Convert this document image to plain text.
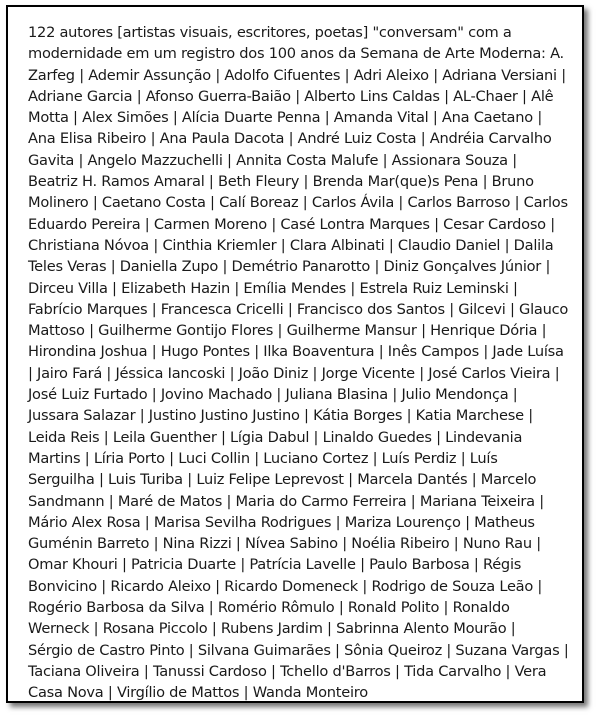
122 autores [artistas visuais, escritores, poetas] "conversam" com a
modernidade em um registro dos 100 anos da Semana de Arte Moderna: A.
Zarfeg | Ademir Assunção | Adolfo Cifuentes | Adri Aleixo | Adriana Versiani |
Adriane Garcia | Afonso Guerra-Baião | Alberto Lins Caldas | AL-Chaer | Alê
Motta | Alex Simões | Alícia Duarte Penna | Amanda Vital | Ana Caetano |
Ana Elisa Ribeiro | Ana Paula Dacota | André Luiz Costa | Andréia Carvalho
Gavita | Angelo Mazzuchelli | Annita Costa Malufe | Assionara Souza |
Beatriz H. Ramos Amaral | Beth Fleury | Brenda Mar(que)s Pena | Bruno
Molinero | Caetano Costa | Calí Boreaz | Carlos Ávila | Carlos Barroso | Carlos
Eduardo Pereira | Carmen Moreno | Casé Lontra Marques | Cesar Cardoso |
Christiana Nóvoa | Cinthia Kriemler | Clara Albinati | Claudio Daniel | Dalila
Teles Veras | Daniella Zupo | Demétrio Panarotto | Diniz Gonçalves Júnior |
Dirceu Villa | Elizabeth Hazin | Emília Mendes | Estrela Ruiz Leminski |
Fabrício Marques | Francesca Cricelli | Francisco dos Santos | Gilcevi | Glauco
Mattoso | Guilherme Gontijo Flores | Guilherme Mansur | Henrique Dória |
Hirondina Joshua | Hugo Pontes | Ilka Boaventura | Inês Campos | Jade Luísa
| Jairo Fará | Jéssica Iancoski | João Diniz | Jorge Vicente | José Carlos Vieira |
José Luiz Furtado | Jovino Machado | Juliana Blasina | Julio Mendonça |
Jussara Salazar | Justino Justino Justino | Kátia Borges | Katia Marchese |
Leida Reis | Leila Guenther | Lígia Dabul | Linaldo Guedes | Lindevania
Martins | Líria Porto | Luci Collin | Luciano Cortez | Luís Perdiz | Luís
Serguilha | Luis Turiba | Luiz Felipe Leprevost | Marcela Dantés | Marcelo
Sandmann | Maré de Matos | Maria do Carmo Ferreira | Mariana Teixeira |
Mário Alex Rosa | Marisa Sevilha Rodrigues | Mariza Lourenço | Matheus
Guménin Barreto | Nina Rizzi | Nívea Sabino | Noélia Ribeiro | Nuno Rau |
Omar Khouri | Patricia Duarte | Patrícia Lavelle | Paulo Barbosa | Régis
Bonvicino | Ricardo Aleixo | Ricardo Domeneck | Rodrigo de Souza Leão |
Rogério Barbosa da Silva | Romério Rômulo | Ronald Polito | Ronaldo
Werneck | Rosana Piccolo | Rubens Jardim | Sabrinna Alento Mourão |
Sérgio de Castro Pinto | Silvana Guimarães | Sônia Queiroz | Suzana Vargas |
Taciana Oliveira | Tanussi Cardoso | Tchello d'Barros | Tida Carvalho | Vera
Casa Nova | Virgílio de Mattos | Wanda Monteiro
